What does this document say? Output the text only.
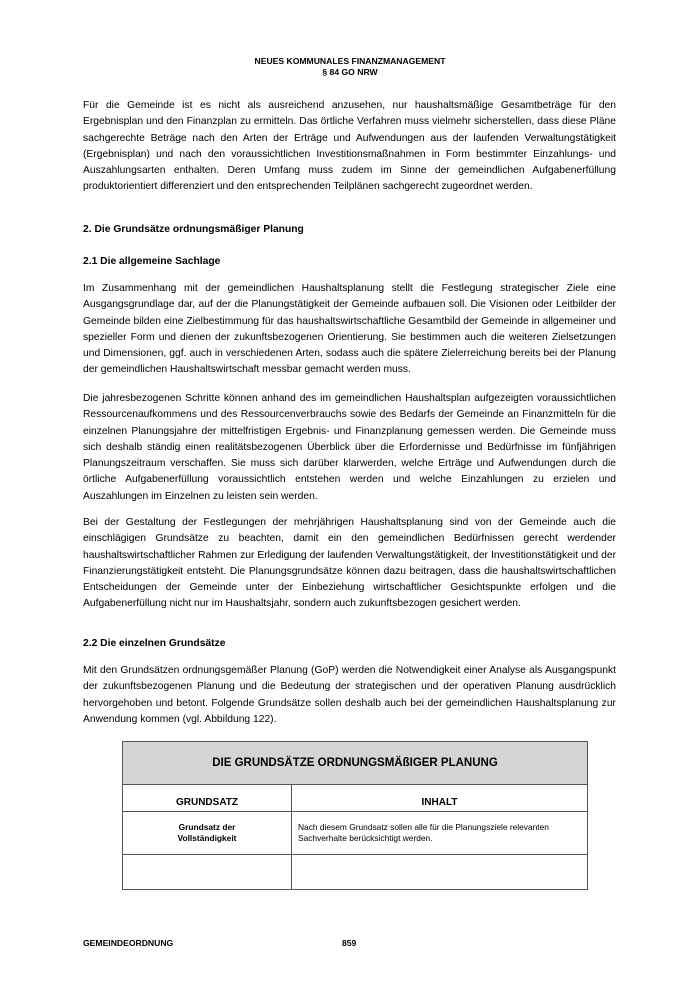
NEUES KOMMUNALES FINANZMANAGEMENT
§ 84 GO NRW

Für die Gemeinde ist es nicht als ausreichend anzusehen, nur haushaltsmäßige Gesamtbeträge für den Ergebnisplan und den Finanzplan zu ermitteln. Das örtliche Verfahren muss vielmehr sicherstellen, dass diese Pläne sachgerechte Beträge nach den Arten der Erträge und Aufwendungen aus der laufenden Verwaltungstätigkeit (Ergebnisplan) und nach den voraussichtlichen Investitionsmaßnahmen in Form bestimmter Einzahlungs- und Auszahlungsarten enthalten. Deren Umfang muss zudem im Sinne der gemeindlichen Aufgabenerfüllung produktorientiert differenziert und den entsprechenden Teilplänen sachgerecht zugeordnet werden.

2. Die Grundsätze ordnungsmäßiger Planung

2.1 Die allgemeine Sachlage

Im Zusammenhang mit der gemeindlichen Haushaltsplanung stellt die Festlegung strategischer Ziele eine Ausgangsgrundlage dar, auf der die Planungstätigkeit der Gemeinde aufbauen soll. Die Visionen oder Leitbilder der Gemeinde bilden eine Zielbestimmung für das haushaltswirtschaftliche Gesamtbild der Gemeinde in allgemeiner und spezieller Form und dienen der zukunftsbezogenen Orientierung. Sie bestimmen auch die weiteren Zielsetzungen und Dimensionen, ggf. auch in verschiedenen Arten, sodass auch die spätere Zielerreichung bereits bei der Planung der gemeindlichen Haushaltswirtschaft messbar gemacht werden muss.

Die jahresbezogenen Schritte können anhand des im gemeindlichen Haushaltsplan aufgezeigten voraussichtlichen Ressourcenaufkommens und des Ressourcenverbrauchs sowie des Bedarfs der Gemeinde an Finanzmitteln für die einzelnen Planungsjahre der mittelfristigen Ergebnis- und Finanzplanung gemessen werden. Die Gemeinde muss sich deshalb ständig einen realitätsbezogenen Überblick über die Erfordernisse und Bedürfnisse im fünfjährigen Planungszeitraum verschaffen. Sie muss sich darüber klarwerden, welche Erträge und Aufwendungen durch die örtliche Aufgabenerfüllung voraussichtlich entstehen werden und welche Einzahlungen zu erzielen und Auszahlungen im Einzelnen zu leisten sein werden.

Bei der Gestaltung der Festlegungen der mehrjährigen Haushaltsplanung sind von der Gemeinde auch die einschlägigen Grundsätze zu beachten, damit ein den gemeindlichen Bedürfnissen gerecht werdender haushaltswirtschaftlicher Rahmen zur Erledigung der laufenden Verwaltungstätigkeit, der Investitionstätigkeit und der Finanzierungstätigkeit entsteht. Die Planungsgrundsätze können dazu beitragen, dass die haushaltswirtschaftlichen Entscheidungen der Gemeinde unter der Einbeziehung wirtschaftlicher Gesichtspunkte erfolgen und die Aufgabenerfüllung nicht nur im Haushaltsjahr, sondern auch zukunftsbezogen gesichert werden.

2.2 Die einzelnen Grundsätze

Mit den Grundsätzen ordnungsgemäßer Planung (GoP) werden die Notwendigkeit einer Analyse als Ausgangspunkt der zukunftsbezogenen Planung und die Bedeutung der strategischen und der operativen Planung ausdrücklich hervorgehoben und betont. Folgende Grundsätze sollen deshalb auch bei der gemeindlichen Haushaltsplanung zur Anwendung kommen (vgl. Abbildung 122).

DIE GRUNDSÄTZE ORDNUNGSMÄßIGER PLANUNG
GRUNDSATZ	INHALT
Grundsatz der
Vollständigkeit
Nach diesem Grundsatz sollen alle für die Planungsziele relevanten Sachverhalte berücksichtigt werden.
GEMEINDEORDNUNG	859
